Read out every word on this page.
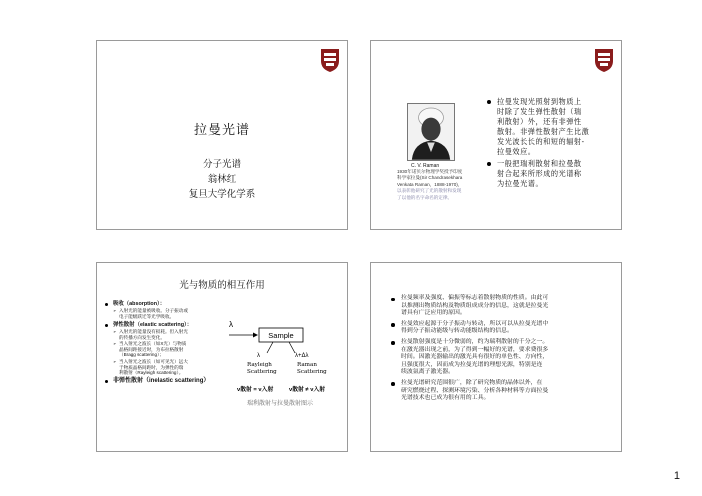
拉曼光谱
分子光谱
翁林红
复旦大学化学系
C. V. Raman
1930年诺贝尔物理学奖授予印度
科学家拉曼(Sir Chandrasekhara
Venkata Raman，1888-1970)，
以表彰他研究了光的散射和发现
了以他的名字命名的定律。
拉曼发现光照射到物质上
时除了发生弹性散射（瑞
利散射）外，还有非弹性
散射。非弹性散射产生比激
发光波长长的和短的辐射-
拉曼效应。
一般把瑞利散射和拉曼散
射合起来所形成的光谱称
为拉曼光谱。
光与物质的相互作用
吸收（absorption）：
➢ 入射光的能量被吸收。分子振动或
电子能级跃迁等光学吸收。
弹性散射（elastic scattering）：
➢ 入射光的能量没有损耗。但入射光
的传播方向发生变化。
➢ 当入射光之波长（如X光）与物质
晶格间距接近时，为布拉格散射
（Bragg scattering）；
➢ 当入射光之波长（如可见光）远大
于物质晶格间距时，为弹性的瑞
利散射（Rayleigh scattering）。
非弹性散射（inelastic scattering）
λ
Sample
λ	λ+Δλ
Rayleigh
Scattering
Raman
Scattering
ν散射 = ν入射	ν散射 ≠ ν入射
瑞利散射与拉曼散射图示
拉曼频率及强度、偏振等标志着散射物质的性质。由此可
以推测出物质结构及物质组成成分的信息，这就是拉曼光
谱具有广泛应用的原因。
拉曼效应起源于分子振动与转动，所以可以从拉曼光谱中
得到分子振动能级与转动能级结构的信息。
拉曼散射强度是十分微弱的，约为瑞利散射的千分之一。
在激光器出现之前，为了得到一幅好的光谱，要求费很多
时间。因激光器输出的激光具有很好的单色性、方向性，
且强度很大，因而成为拉曼光谱的理想光源，特别是连
续波氩离子激光器。
拉曼光谱研究范围很广，除了研究物质的晶体以外，在
研究燃烧过程、探测环境污染、分析各种材料等方面拉曼
光谱技术也已成为很有用的工具。
1
